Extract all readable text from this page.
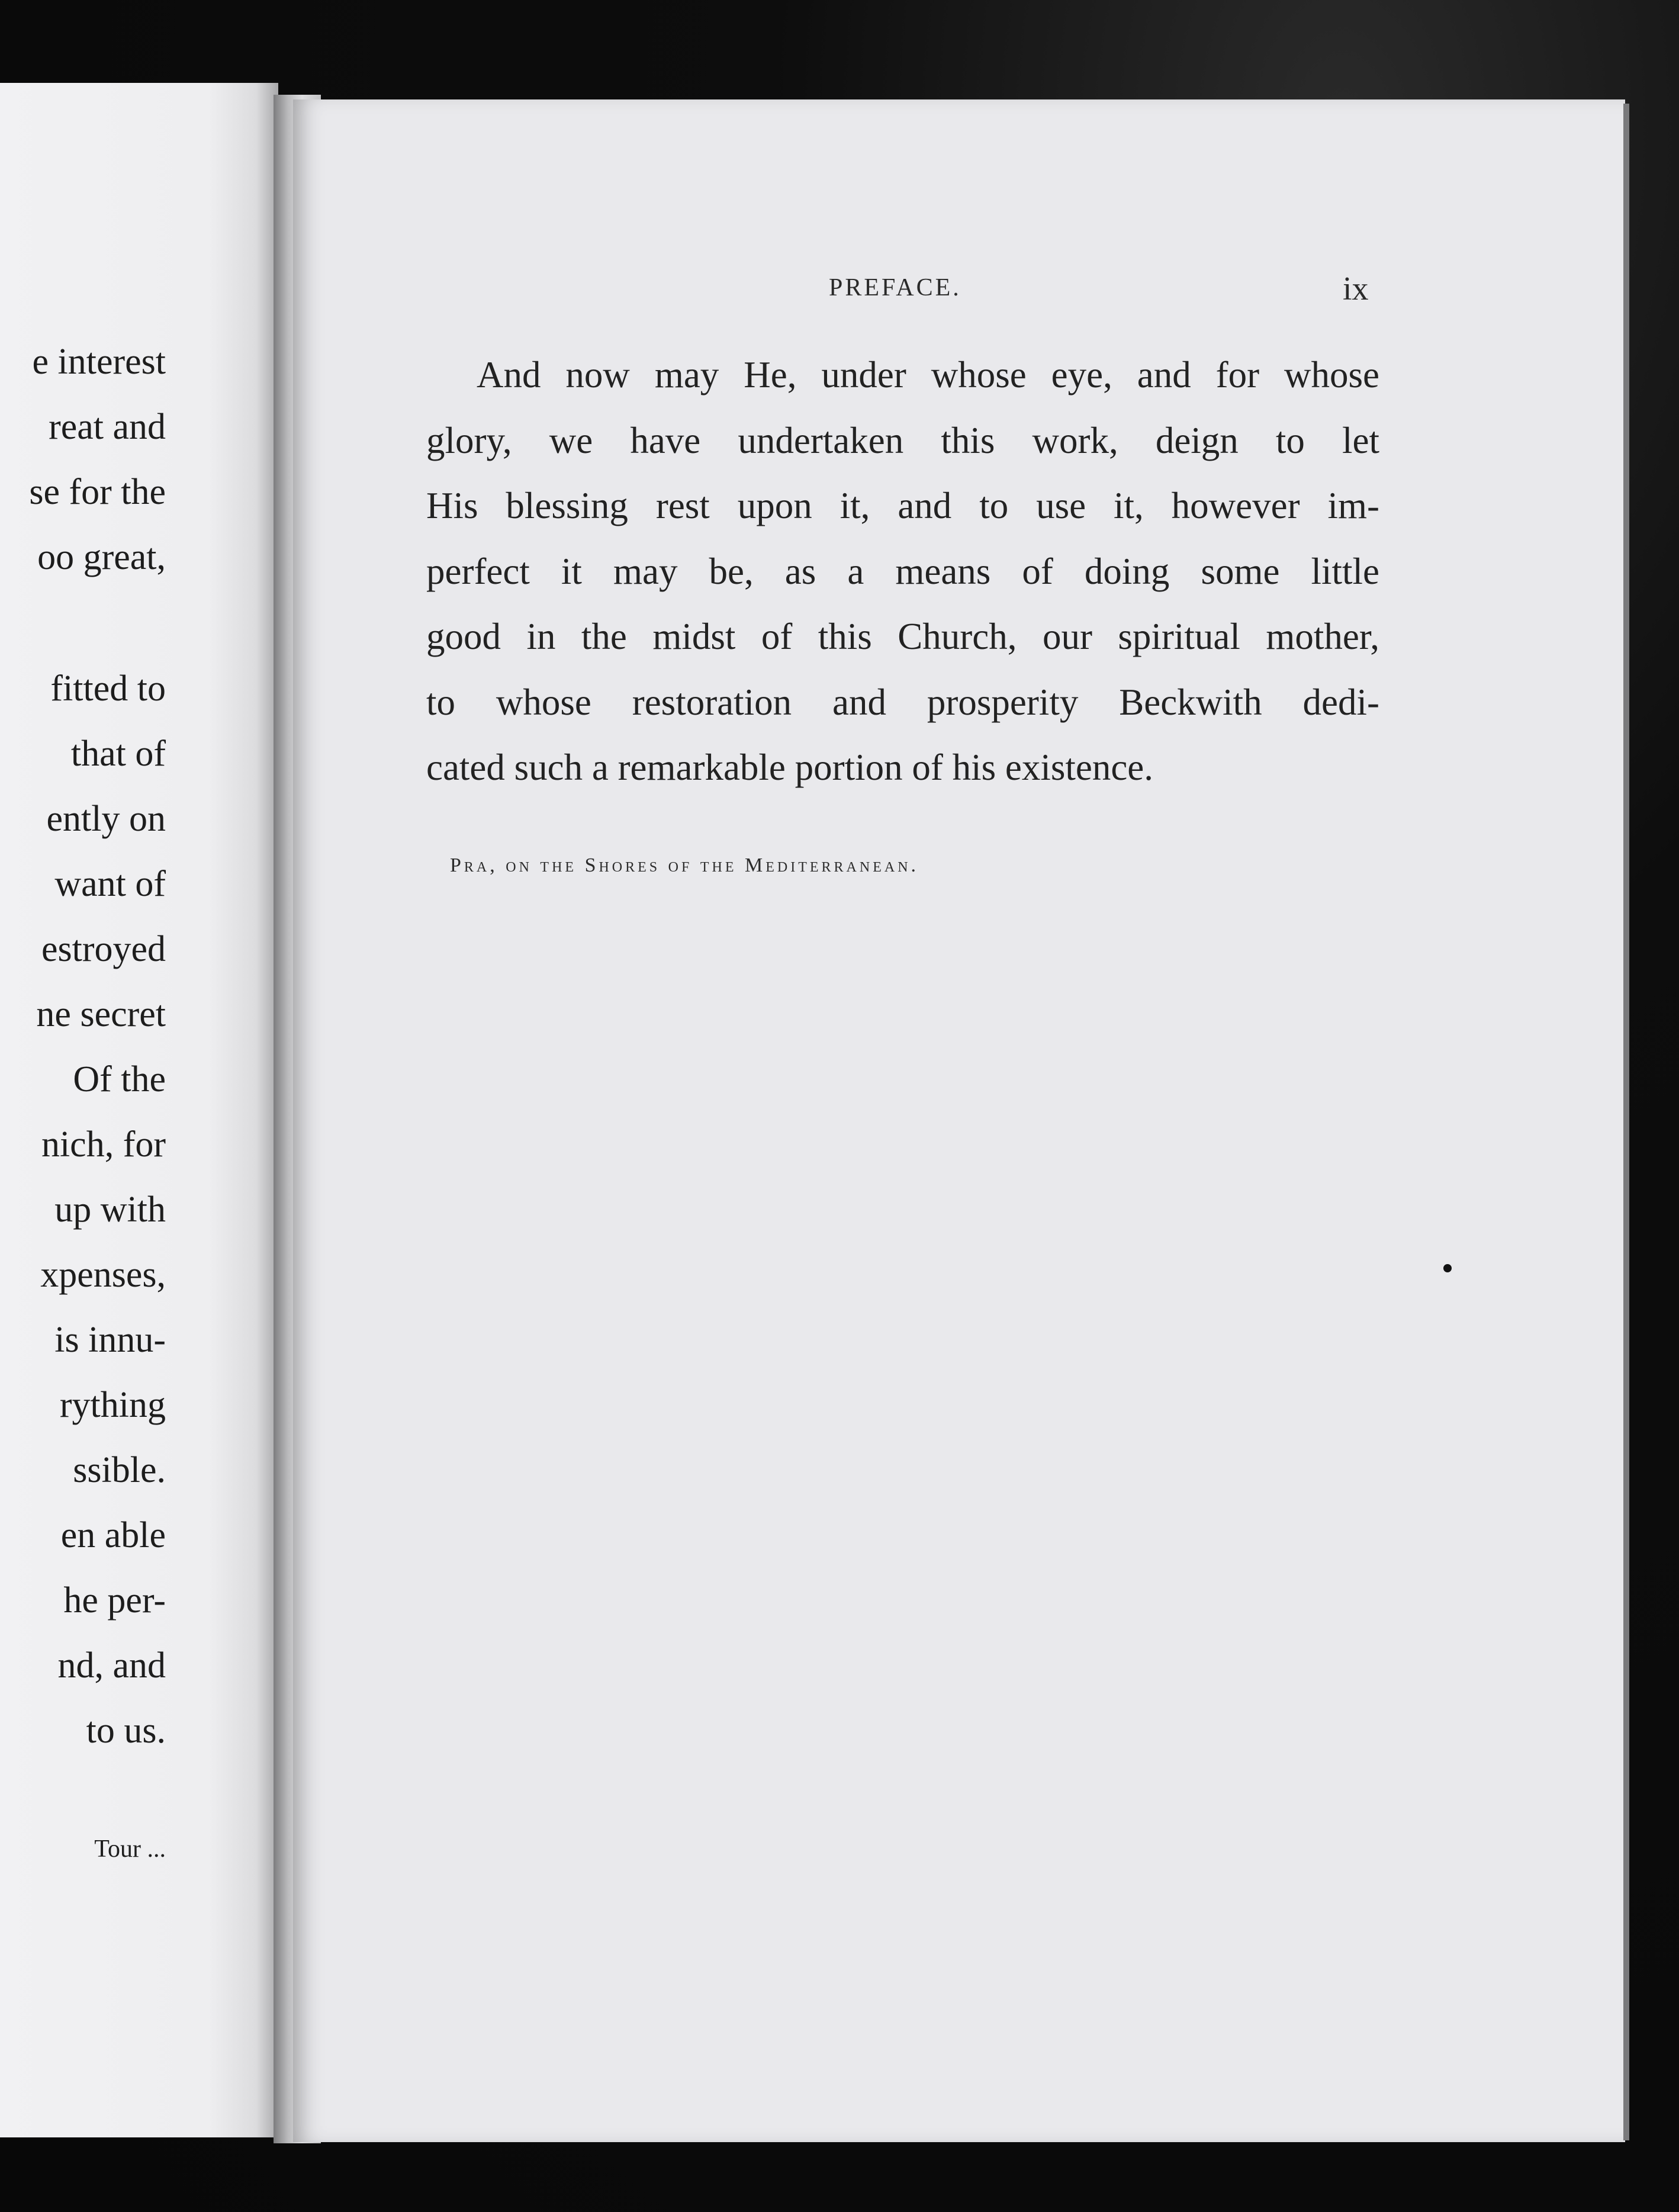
e interest
reat and
se for the
oo great,
fitted to
that of
ently on
want of
estroyed
ne secret
Of the
nich, for
up with
xpenses,
is innu-
rything
ssible.
en able
he per-
nd, and
to us.
Tour ...
PREFACE.	ix
And now may He, under whose eye, and for whose
glory, we have undertaken this work, deign to let
His blessing rest upon it, and to use it, however im-
perfect it may be, as a means of doing some little
good in the midst of this Church, our spiritual mother,
to whose restoration and prosperity Beckwith dedi-
cated such a remarkable portion of his existence.
Pra, on the Shores of the Mediterranean.
